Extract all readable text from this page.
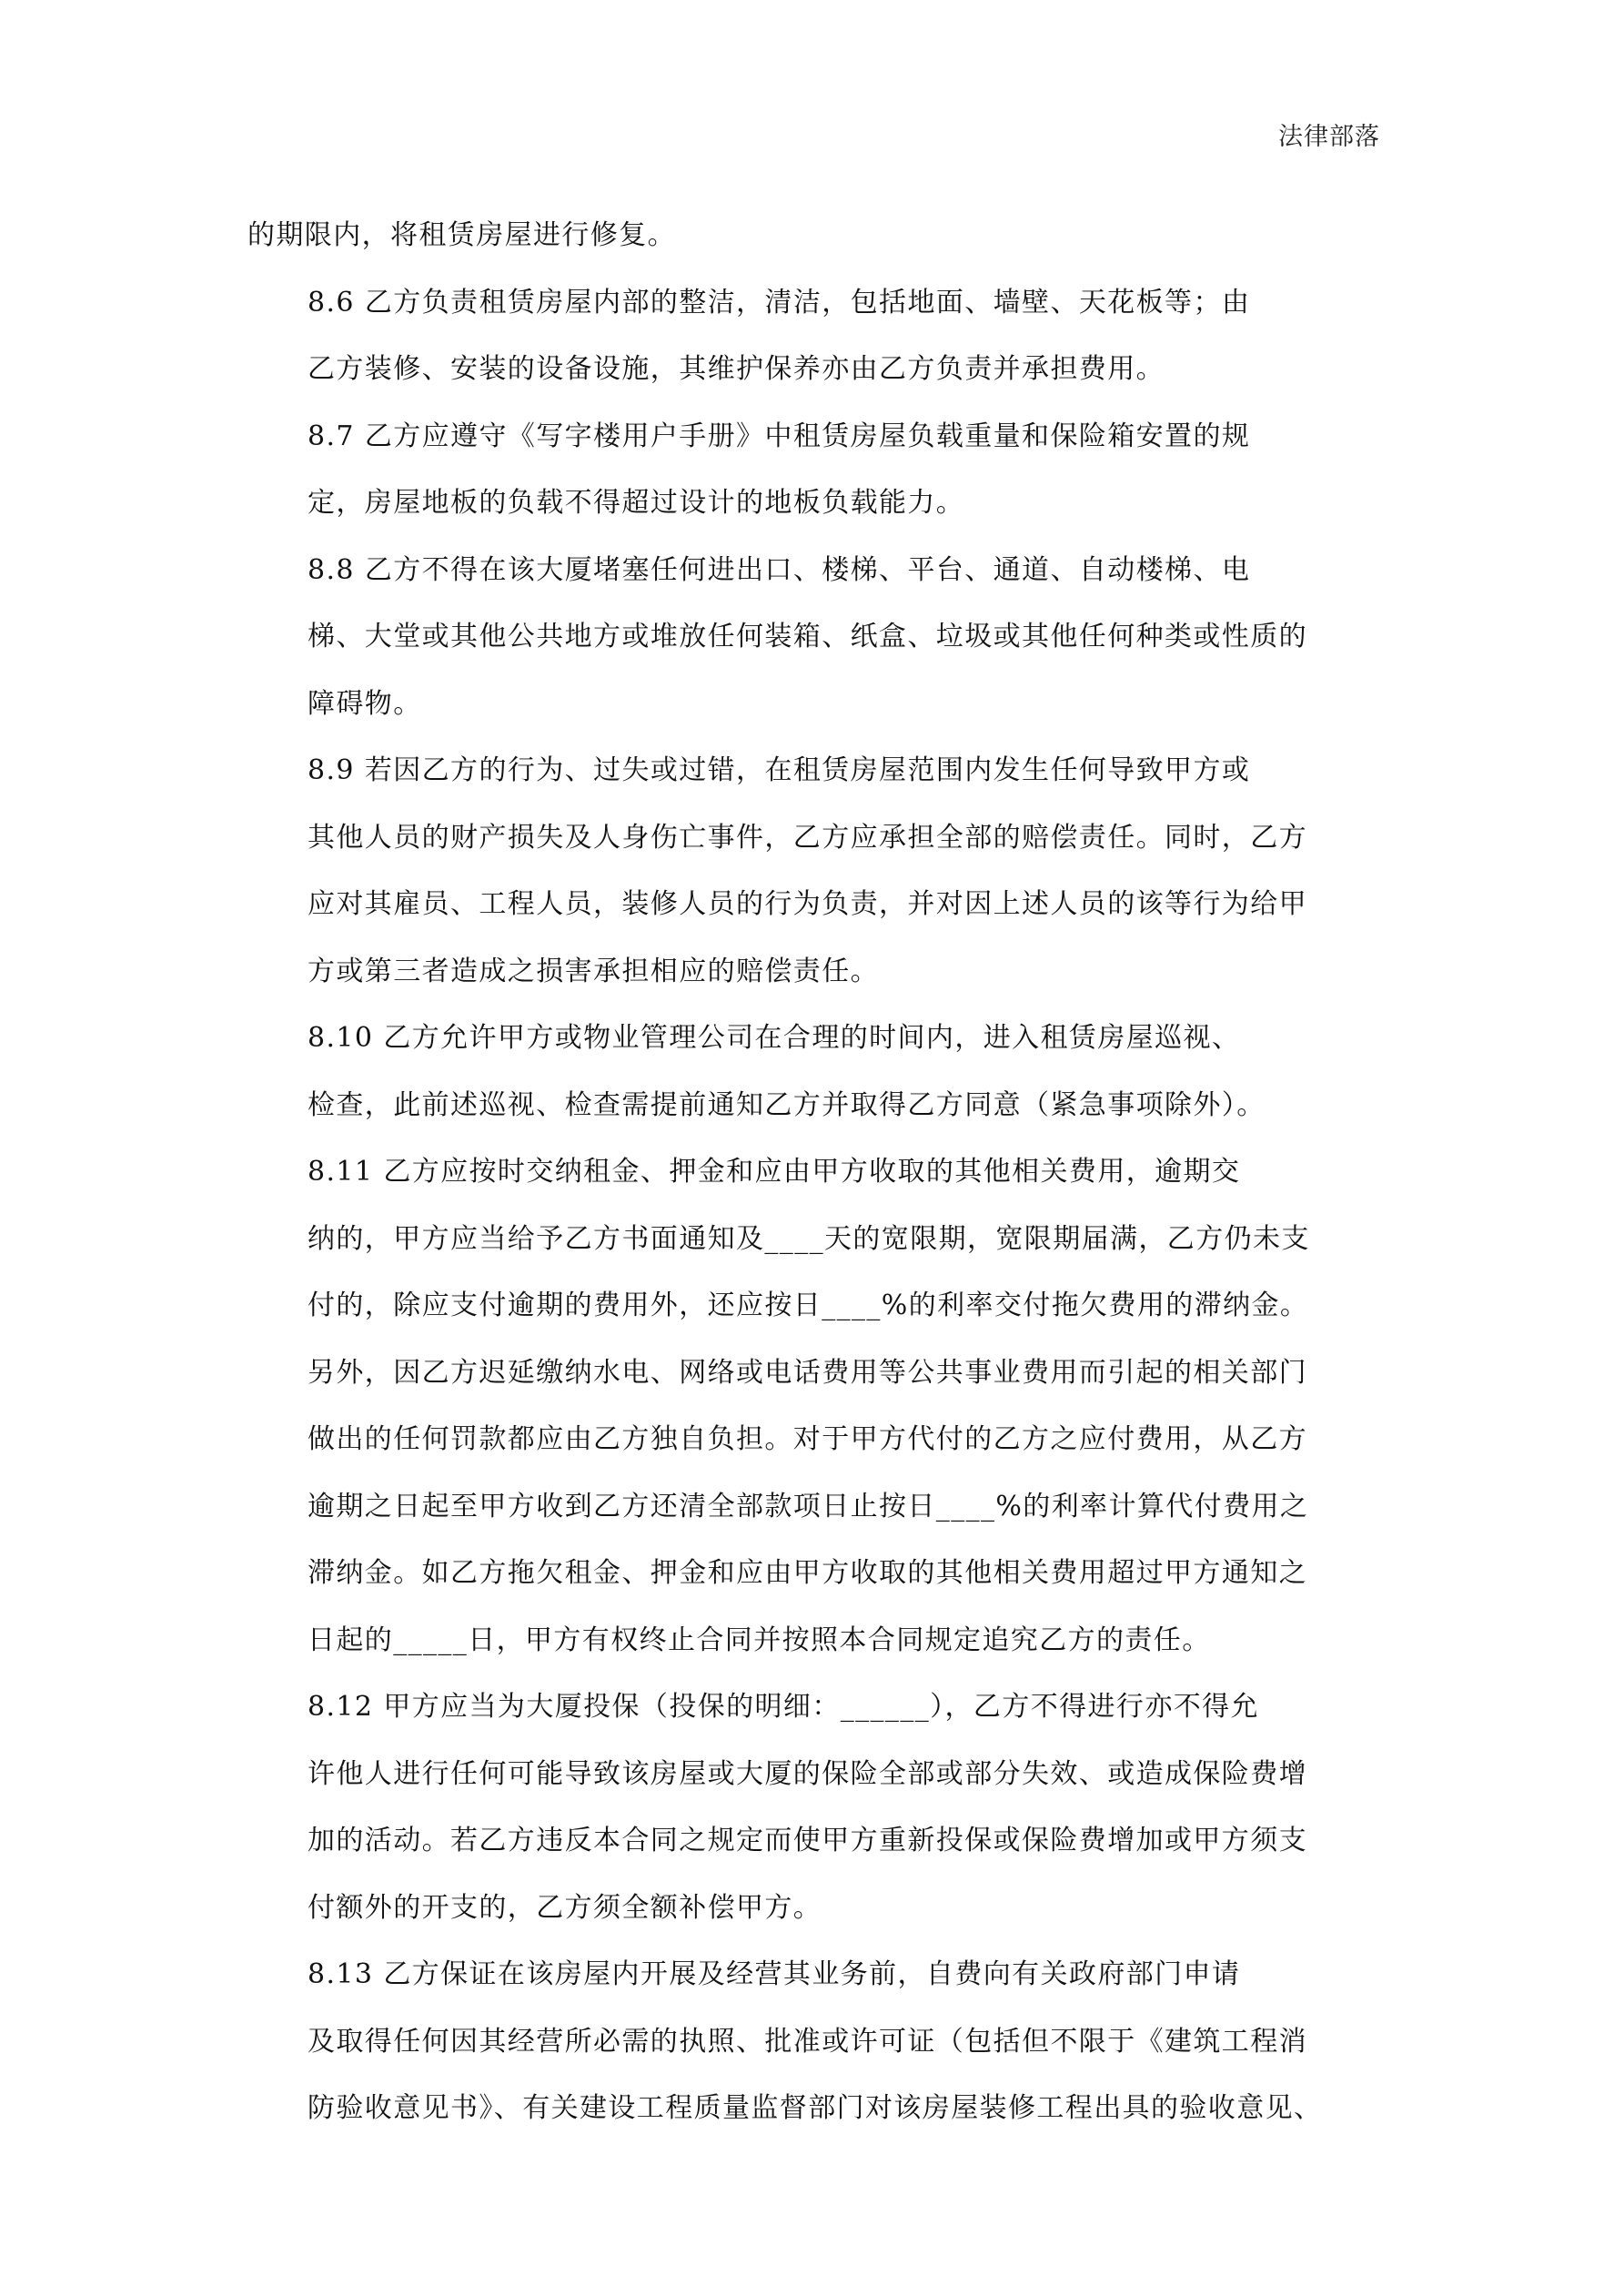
法律部落
的期限内，将租赁房屋进行修复。
8.6 乙方负责租赁房屋内部的整洁，清洁，包括地面、墙壁、天花板等；由
乙方装修、安装的设备设施，其维护保养亦由乙方负责并承担费用。
8.7 乙方应遵守《写字楼用户手册》中租赁房屋负载重量和保险箱安置的规
定，房屋地板的负载不得超过设计的地板负载能力。
8.8 乙方不得在该大厦堵塞任何进出口、楼梯、平台、通道、自动楼梯、电
梯、大堂或其他公共地方或堆放任何装箱、纸盒、垃圾或其他任何种类或性质的
障碍物。
8.9 若因乙方的行为、过失或过错，在租赁房屋范围内发生任何导致甲方或
其他人员的财产损失及人身伤亡事件，乙方应承担全部的赔偿责任。同时，乙方
应对其雇员、工程人员，装修人员的行为负责，并对因上述人员的该等行为给甲
方或第三者造成之损害承担相应的赔偿责任。
8.10 乙方允许甲方或物业管理公司在合理的时间内，进入租赁房屋巡视、
检查，此前述巡视、检查需提前通知乙方并取得乙方同意（紧急事项除外）。
8.11 乙方应按时交纳租金、押金和应由甲方收取的其他相关费用，逾期交
纳的，甲方应当给予乙方书面通知及____天的宽限期，宽限期届满，乙方仍未支
付的，除应支付逾期的费用外，还应按日____%的利率交付拖欠费用的滞纳金。
另外，因乙方迟延缴纳水电、网络或电话费用等公共事业费用而引起的相关部门
做出的任何罚款都应由乙方独自负担。对于甲方代付的乙方之应付费用，从乙方
逾期之日起至甲方收到乙方还清全部款项日止按日____%的利率计算代付费用之
滞纳金。如乙方拖欠租金、押金和应由甲方收取的其他相关费用超过甲方通知之
日起的_____日，甲方有权终止合同并按照本合同规定追究乙方的责任。
8.12 甲方应当为大厦投保（投保的明细：______），乙方不得进行亦不得允
许他人进行任何可能导致该房屋或大厦的保险全部或部分失效、或造成保险费增
加的活动。若乙方违反本合同之规定而使甲方重新投保或保险费增加或甲方须支
付额外的开支的，乙方须全额补偿甲方。
8.13 乙方保证在该房屋内开展及经营其业务前，自费向有关政府部门申请
及取得任何因其经营所必需的执照、批准或许可证（包括但不限于《建筑工程消
防验收意见书》、有关建设工程质量监督部门对该房屋装修工程出具的验收意见、
